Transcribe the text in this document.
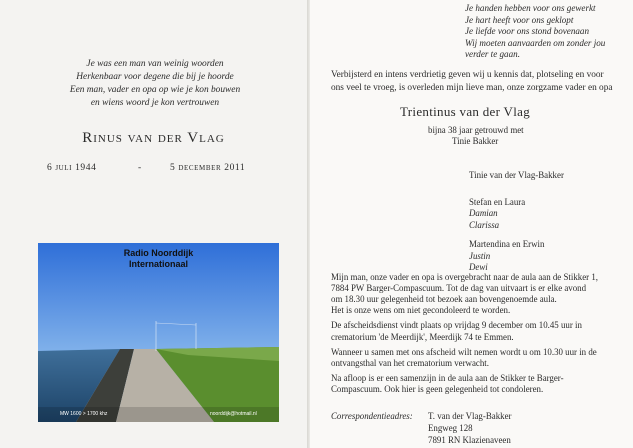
Je was een man van weinig woorden
Herkenbaar voor degene die bij je hoorde
Een man, vader en opa op wie je kon bouwen
en wiens woord je kon vertrouwen
Rinus van der Vlag
6 juli 1944	-	5 december 2011
Radio Noorddijk
Internationaal
MW 1600 > 1700 khz	noorddijk@hotmail.nl
Je handen hebben voor ons gewerkt
Je hart heeft voor ons geklopt
Je liefde voor ons stond bovenaan
Wij moeten aanvaarden om zonder jou
verder te gaan.
Verbijsterd en intens verdrietig geven wij u kennis dat, plotseling en voor
ons veel te vroeg, is overleden mijn lieve man, onze zorgzame vader en opa
Trientinus van der Vlag
bijna 38 jaar getrouwd met
Tinie Bakker
Tinie van der Vlag-Bakker
Stefan en Laura
Damian
Clarissa
Martendina en Erwin
Justin
Dewi

Mijn man, onze vader en opa is overgebracht naar de aula aan de Stikker 1,
7884 PW Barger-Compascuum. Tot de dag van uitvaart is er elke avond
om 18.30 uur gelegenheid tot bezoek aan bovengenoemde aula.
Het is onze wens om niet gecondoleerd te worden.

De afscheidsdienst vindt plaats op vrijdag 9 december om 10.45 uur in
crematorium 'de Meerdijk', Meerdijk 74 te Emmen.

Wanneer u samen met ons afscheid wilt nemen wordt u om 10.30 uur in de
ontvangsthal van het crematorium verwacht.

Na afloop is er een samenzijn in de aula aan de Stikker te Barger-
Compascuum. Ook hier is geen gelegenheid tot condoleren.

Correspondentieadres: T. van der Vlag-Bakker
Engweg 128
7891 RN Klazienaveen
